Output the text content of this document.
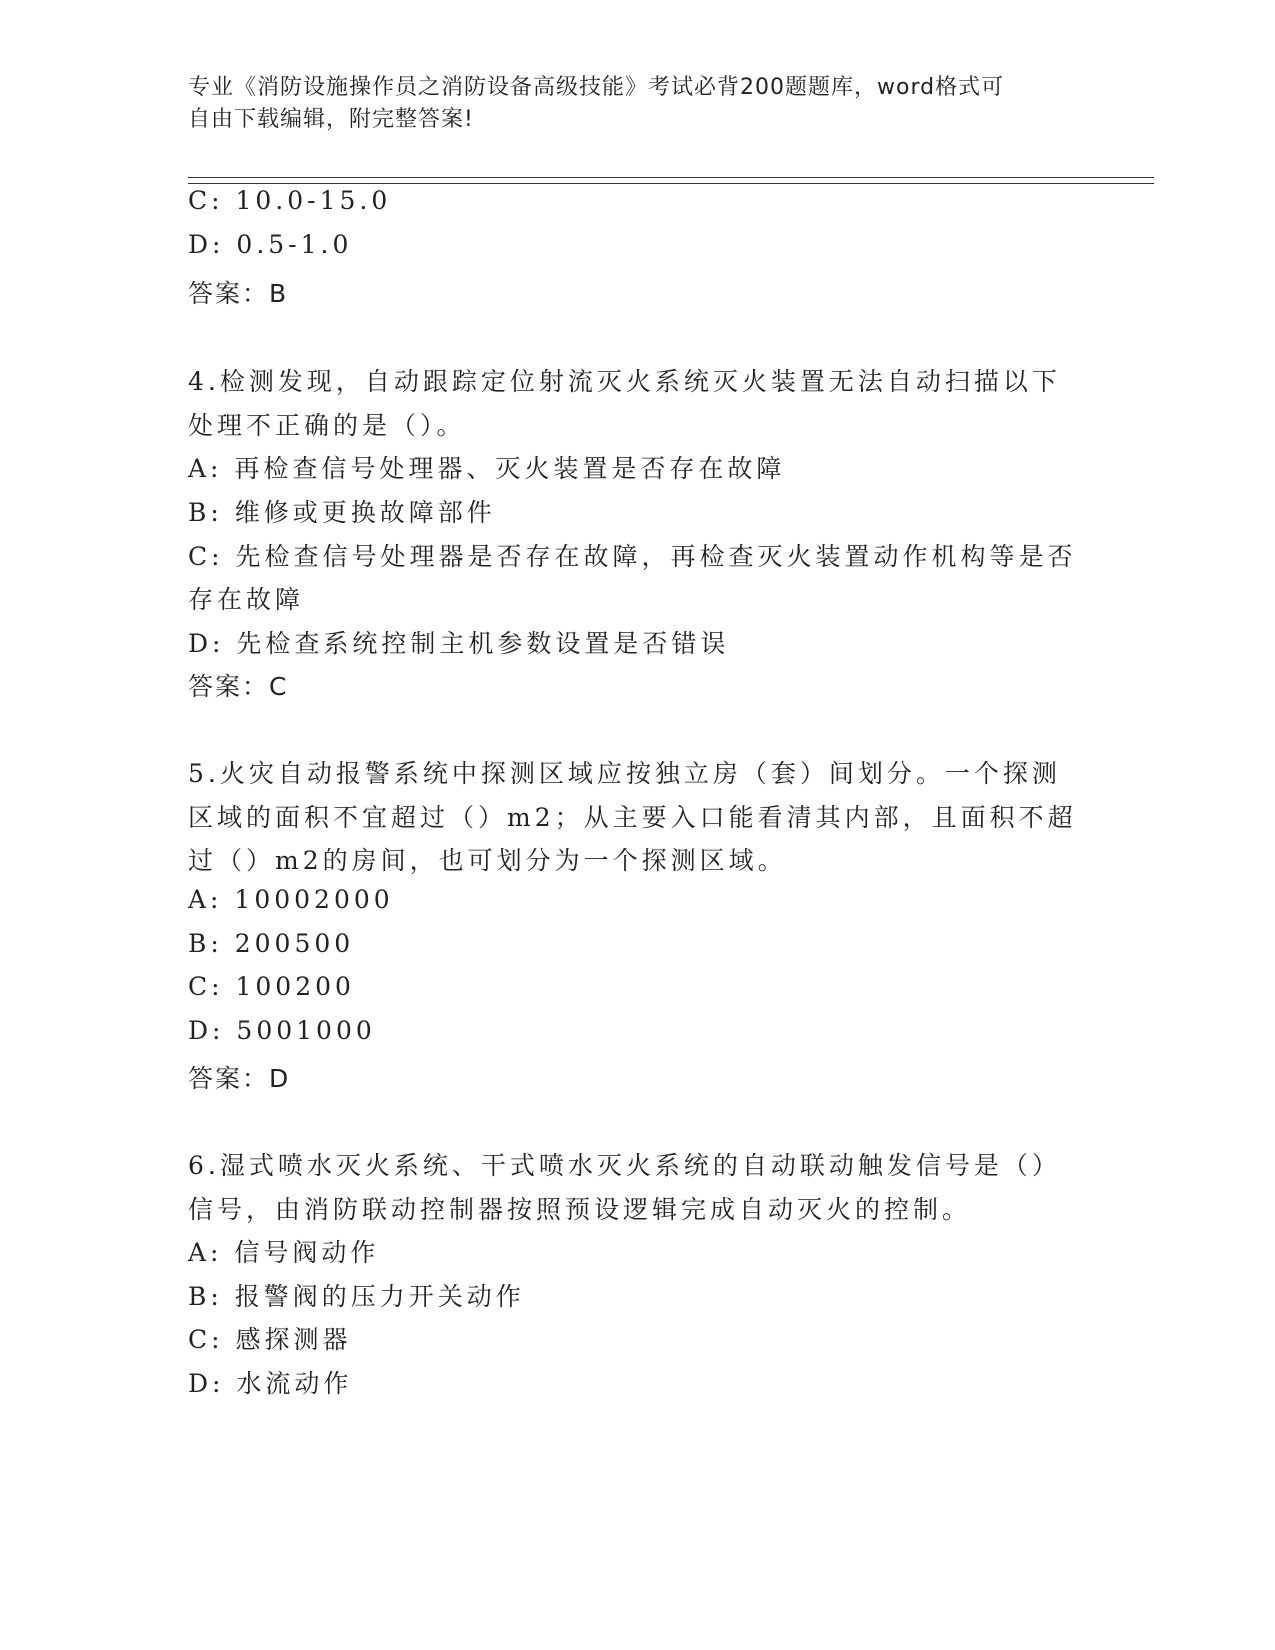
专业《消防设施操作员之消防设备高级技能》考试必背200题题库，word格式可
自由下载编辑，附完整答案!
C: 10.0-15.0
D: 0.5-1.0
答案：B
4.检测发现，自动跟踪定位射流灭火系统灭火装置无法自动扫描以下
处理不正确的是（）。
A: 再检查信号处理器、灭火装置是否存在故障
B: 维修或更换故障部件
C: 先检查信号处理器是否存在故障，再检查灭火装置动作机构等是否
存在故障
D: 先检查系统控制主机参数设置是否错误
答案：C
5.火灾自动报警系统中探测区域应按独立房（套）间划分。一个探测
区域的面积不宜超过（）m2；从主要入口能看清其内部，且面积不超
过（）m2的房间，也可划分为一个探测区域。
A: 10002000
B: 200500
C: 100200
D: 5001000
答案：D
6.湿式喷水灭火系统、干式喷水灭火系统的自动联动触发信号是（）
信号，由消防联动控制器按照预设逻辑完成自动灭火的控制。
A: 信号阀动作
B: 报警阀的压力开关动作
C: 感探测器
D: 水流动作
